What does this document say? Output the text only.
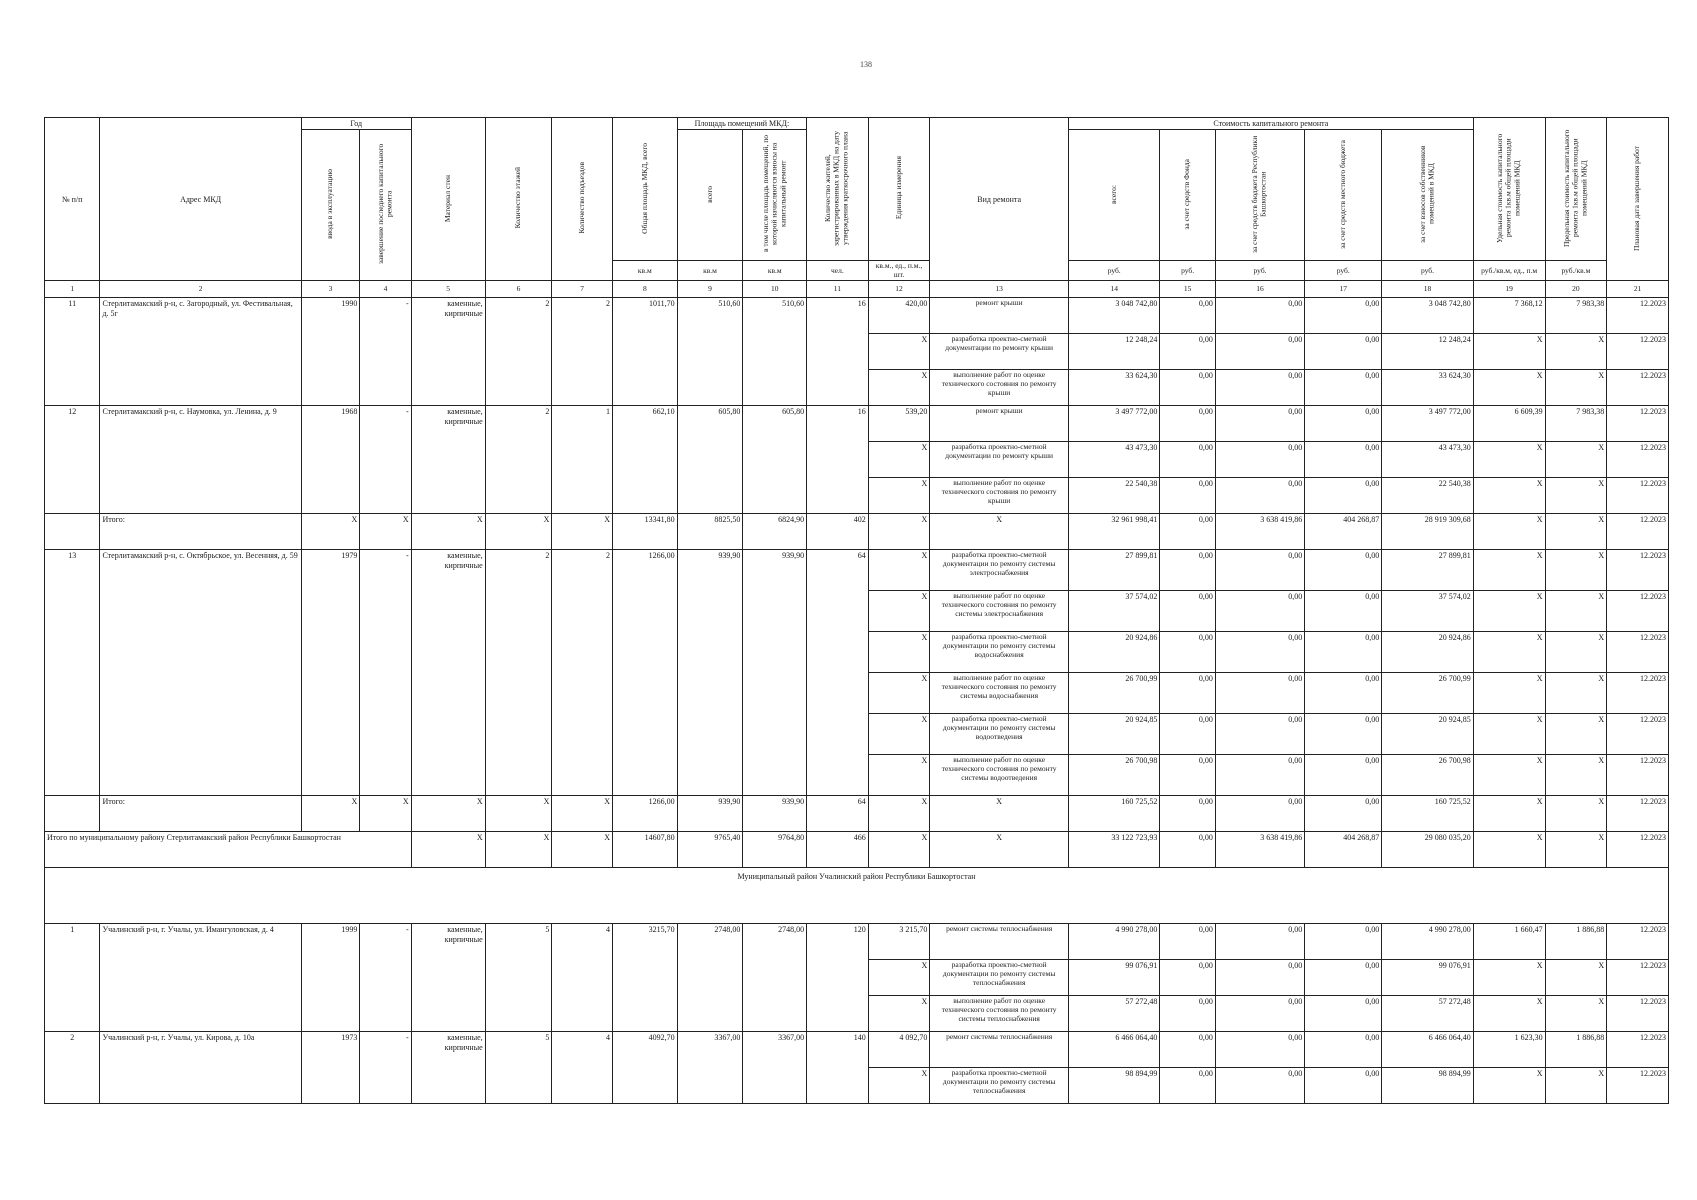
138
№ п/п	Адрес МКД	Год		Материал стен	Количество этажей	Количество подъездов	Общая площадь МКД, всего	Площадь помещений МКД:		Количество жителей, зарегистрированных в МКД на дату утверждения краткосрочного плана	Единица измерения	Вид ремонта	Стоимость капитального ремонта					Удельная стоимость капитального ремонта 1кв.м общей площади помещений МКД	Предельная стоимость капитального ремонта 1кв.м общей площади помещений МКД	Плановая дата завершения работ
		ввода в эксплуатацию	завершение последнего капитального ремонта					всего	в том числе площадь помещений, по которой начисляются взносы на капитальный ремонт				всего:	за счет средств Фонда	за счет средств бюджета Республики Башкортостан	за счет средств местного бюджета	за счет взносов собственников помещений в МКД			
							кв.м	кв.м	кв.м	чел.	кв.м., ед., п.м., шт.		руб.	руб.	руб.	руб.	руб.	руб./кв.м, ед., п.м	руб./кв.м	
1	2	3	4	5	6	7	8	9	10	11	12	13	14	15	16	17	18	19	20	21
11	Стерлитамакский р-н, с. Загородный, ул. Фестивальная, д. 5г	1990	-	каменные, кирпичные	2	2	1011,70	510,60	510,60	16	420,00	ремонт крыши	3 048 742,80	0,00	0,00	0,00	3 048 742,80	7 368,12	7 983,38	12.2023
											X	разработка проектно-сметной документации по ремонту крыши	12 248,24	0,00	0,00	0,00	12 248,24	X	X	12.2023
											X	выполнение работ по оценке технического состояния по ремонту крыши	33 624,30	0,00	0,00	0,00	33 624,30	X	X	12.2023
12	Стерлитамакский р-н, с. Наумовка, ул. Ленина, д. 9	1968	-	каменные, кирпичные	2	1	662,10	605,80	605,80	16	539,20	ремонт крыши	3 497 772,00	0,00	0,00	0,00	3 497 772,00	6 609,39	7 983,38	12.2023
											X	разработка проектно-сметной документации по ремонту крыши	43 473,30	0,00	0,00	0,00	43 473,30	X	X	12.2023
											X	выполнение работ по оценке технического состояния по ремонту крыши	22 540,38	0,00	0,00	0,00	22 540,38	X	X	12.2023
	Итого:	X	X	X	X	X	13341,80	8825,50	6824,90	402	X	X	32 961 998,41	0,00	3 638 419,86	404 268,87	28 919 309,68	X	X	12.2023
13	Стерлитамакский р-н, с. Октябрьское, ул. Весенняя, д. 59	1979	-	каменные, кирпичные	2	2	1266,00	939,90	939,90	64	X	разработка проектно-сметной документации по ремонту системы электроснабжения	27 899,81	0,00	0,00	0,00	27 899,81	X	X	12.2023
											X	выполнение работ по оценке технического состояния по ремонту системы электроснабжения	37 574,02	0,00	0,00	0,00	37 574,02	X	X	12.2023
											X	разработка проектно-сметной документации по ремонту системы водоснабжения	20 924,86	0,00	0,00	0,00	20 924,86	X	X	12.2023
											X	выполнение работ по оценке технического состояния по ремонту системы водоснабжения	26 700,99	0,00	0,00	0,00	26 700,99	X	X	12.2023
											X	разработка проектно-сметной документации по ремонту системы водоотведения	20 924,85	0,00	0,00	0,00	20 924,85	X	X	12.2023
											X	выполнение работ по оценке технического состояния по ремонту системы водоотведения	26 700,98	0,00	0,00	0,00	26 700,98	X	X	12.2023
	Итого:	X	X	X	X	X	1266,00	939,90	939,90	64	X	X	160 725,52	0,00	0,00	0,00	160 725,52	X	X	12.2023
Итого по муниципальному району Стерлитамакский район Республики Башкортостан				X	X	X	14607,80	9765,40	9764,80	466	X	X	33 122 723,93	0,00	3 638 419,86	404 268,87	29 080 035,20	X	X	12.2023
Муниципальный район Учалинский район Республики Башкортостан																				
1	Учалинский р-н, г. Учалы, ул. Имангуловская, д. 4	1999	-	каменные, кирпичные	5	4	3215,70	2748,00	2748,00	120	3 215,70	ремонт системы теплоснабжения	4 990 278,00	0,00	0,00	0,00	4 990 278,00	1 660,47	1 886,88	12.2023
											X	разработка проектно-сметной документации по ремонту системы теплоснабжения	99 076,91	0,00	0,00	0,00	99 076,91	X	X	12.2023
											X	выполнение работ по оценке технического состояния по ремонту системы теплоснабжения	57 272,48	0,00	0,00	0,00	57 272,48	X	X	12.2023
2	Учалинский р-н, г. Учалы, ул. Кирова, д. 10а	1973	-	каменные, кирпичные	5	4	4092,70	3367,00	3367,00	140	4 092,70	ремонт системы теплоснабжения	6 466 064,40	0,00	0,00	0,00	6 466 064,40	1 623,30	1 886,88	12.2023
											X	разработка проектно-сметной документации по ремонту системы теплоснабжения	98 894,99	0,00	0,00	0,00	98 894,99	X	X	12.2023
